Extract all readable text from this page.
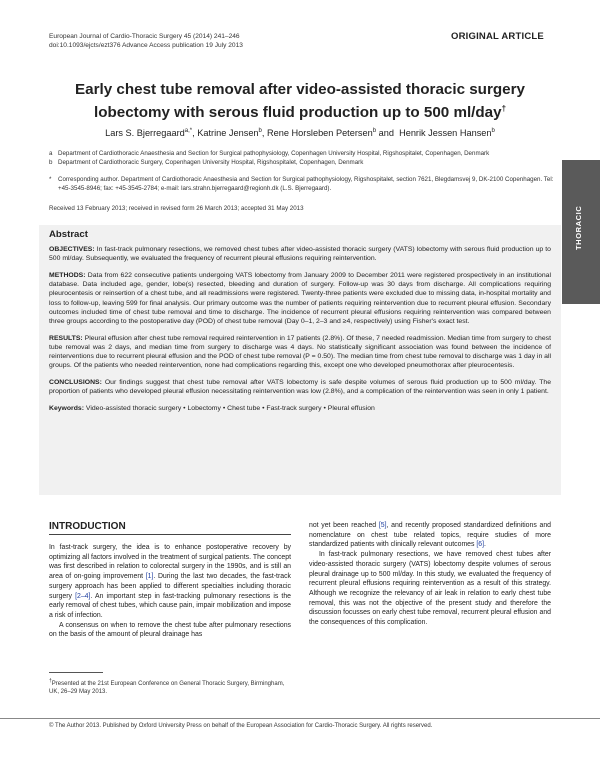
European Journal of Cardio-Thoracic Surgery 45 (2014) 241–246
doi:10.1093/ejcts/ezt376 Advance Access publication 19 July 2013
ORIGINAL ARTICLE
Early chest tube removal after video-assisted thoracic surgery lobectomy with serous fluid production up to 500 ml/day†
Lars S. Bjerregaard$^{a,*}$, Katrine Jensen$^b$, Rene Horsleben Petersen$^b$ and  Henrik Jessen Hansen$^b$
a Department of Cardiothoracic Anaesthesia and Section for Surgical pathophysiology, Copenhagen University Hospital, Rigshospitalet, Copenhagen, Denmark
b Department of Cardiothoracic Surgery, Copenhagen University Hospital, Rigshospitalet, Copenhagen, Denmark
*	Corresponding author. Department of Cardiothoracic Anaesthesia and Section for Surgical pathophysiology, Rigshospitalet, section 7621, Blegdamsvej 9, DK-2100 Copenhagen. Tel: +45-3545-8946; fax: +45-3545-2784; e-mail: lars.strahn.bjerregaard@regionh.dk (L.S. Bjerregaard).
Received 13 February 2013; received in revised form 26 March 2013; accepted 31 May 2013	THORACIC
Abstract

OBJECTIVES: In fast-track pulmonary resections, we removed chest tubes after video-assisted thoracic surgery (VATS) lobectomy with serous fluid production up to 500 ml/day. Subsequently, we evaluated the frequency of recurrent pleural effusions requiring reintervention.

METHODS: Data from 622 consecutive patients undergoing VATS lobectomy from January 2009 to December 2011 were registered prospectively in an institutional database. Data included age, gender, lobe(s) resected, bleeding and duration of surgery. Follow-up was 30 days from discharge. All complications requiring pleurocentesis or reinsertion of a chest tube, and all readmissions were registered. Twenty-three patients were excluded due to missing data, in-hospital mortality and loss to follow-up, leaving 599 for final analysis. Our primary outcome was the number of patients requiring reintervention due to recurrent pleural effusion. Secondary outcomes included time of chest tube removal and time to discharge. The incidence of recurrent pleural effusions requiring reintervention was compared between three groups according to the postoperative day (POD) of chest tube removal (Day 0–1, 2–3 and ≥4, respectively) using Fisher's exact test.

RESULTS: Pleural effusion after chest tube removal required reintervention in 17 patients (2.8%). Of these, 7 needed readmission. Median time from surgery to chest tube removal was 2 days, and median time from surgery to discharge was 4 days. No statistically significant association was found between the incidence of reinterventions due to recurrent pleural effusion and the POD of chest tube removal (P = 0.50). The median time from chest tube removal to discharge was 1 day in all groups. Of the patients who needed reintervention, none had complications regarding this, except one who developed pneumothorax after pleurocentesis.

CONCLUSIONS: Our findings suggest that chest tube removal after VATS lobectomy is safe despite volumes of serous fluid production up to 500 ml/day. The proportion of patients who developed pleural effusion necessitating reintervention was low (2.8%), and a complication of the reintervention was seen in only 1 patient.

Keywords: Video-assisted thoracic surgery • Lobectomy • Chest tube • Fast-track surgery • Pleural effusion

INTRODUCTION

In fast-track surgery, the idea is to enhance postoperative recovery by optimizing all factors involved in the treatment of surgical patients. The concept was first described in relation to colorectal surgery in the 1990s, and is still an area of on-going improvement [1]. During the last two decades, the fast-track surgery approach has been applied to different specialties including thoracic surgery [2–4]. An important step in fast-tracking pulmonary resections is the early removal of chest tubes, which cause pain, impair mobilization and impose a risk of infection.

A consensus on when to remove the chest tube after pulmonary resections on the basis of the amount of pleural drainage has

not yet been reached [5], and recently proposed standardized definitions and nomenclature on chest tube related topics, require studies of more standardized patients with clinically relevant outcomes [6].

In fast-track pulmonary resections, we have removed chest tubes after video-assisted thoracic surgery (VATS) lobectomy despite volumes of serous pleural drainage up to 500 ml/day. In this study, we evaluated the frequency of recurrent pleural effusions requiring reintervention as a result of this strategy. Although we recognize the relevancy of air leak in relation to early chest tube removal, this was not the objective of the present study and therefore the discussion focusses on early chest tube removal, recurrent pleural effusion and the consequences of this complication.

†Presented at the 21st European Conference on General Thoracic Surgery, Birmingham, UK, 26–29 May 2013.
© The Author 2013. Published by Oxford University Press on behalf of the European Association for Cardio-Thoracic Surgery. All rights reserved.
